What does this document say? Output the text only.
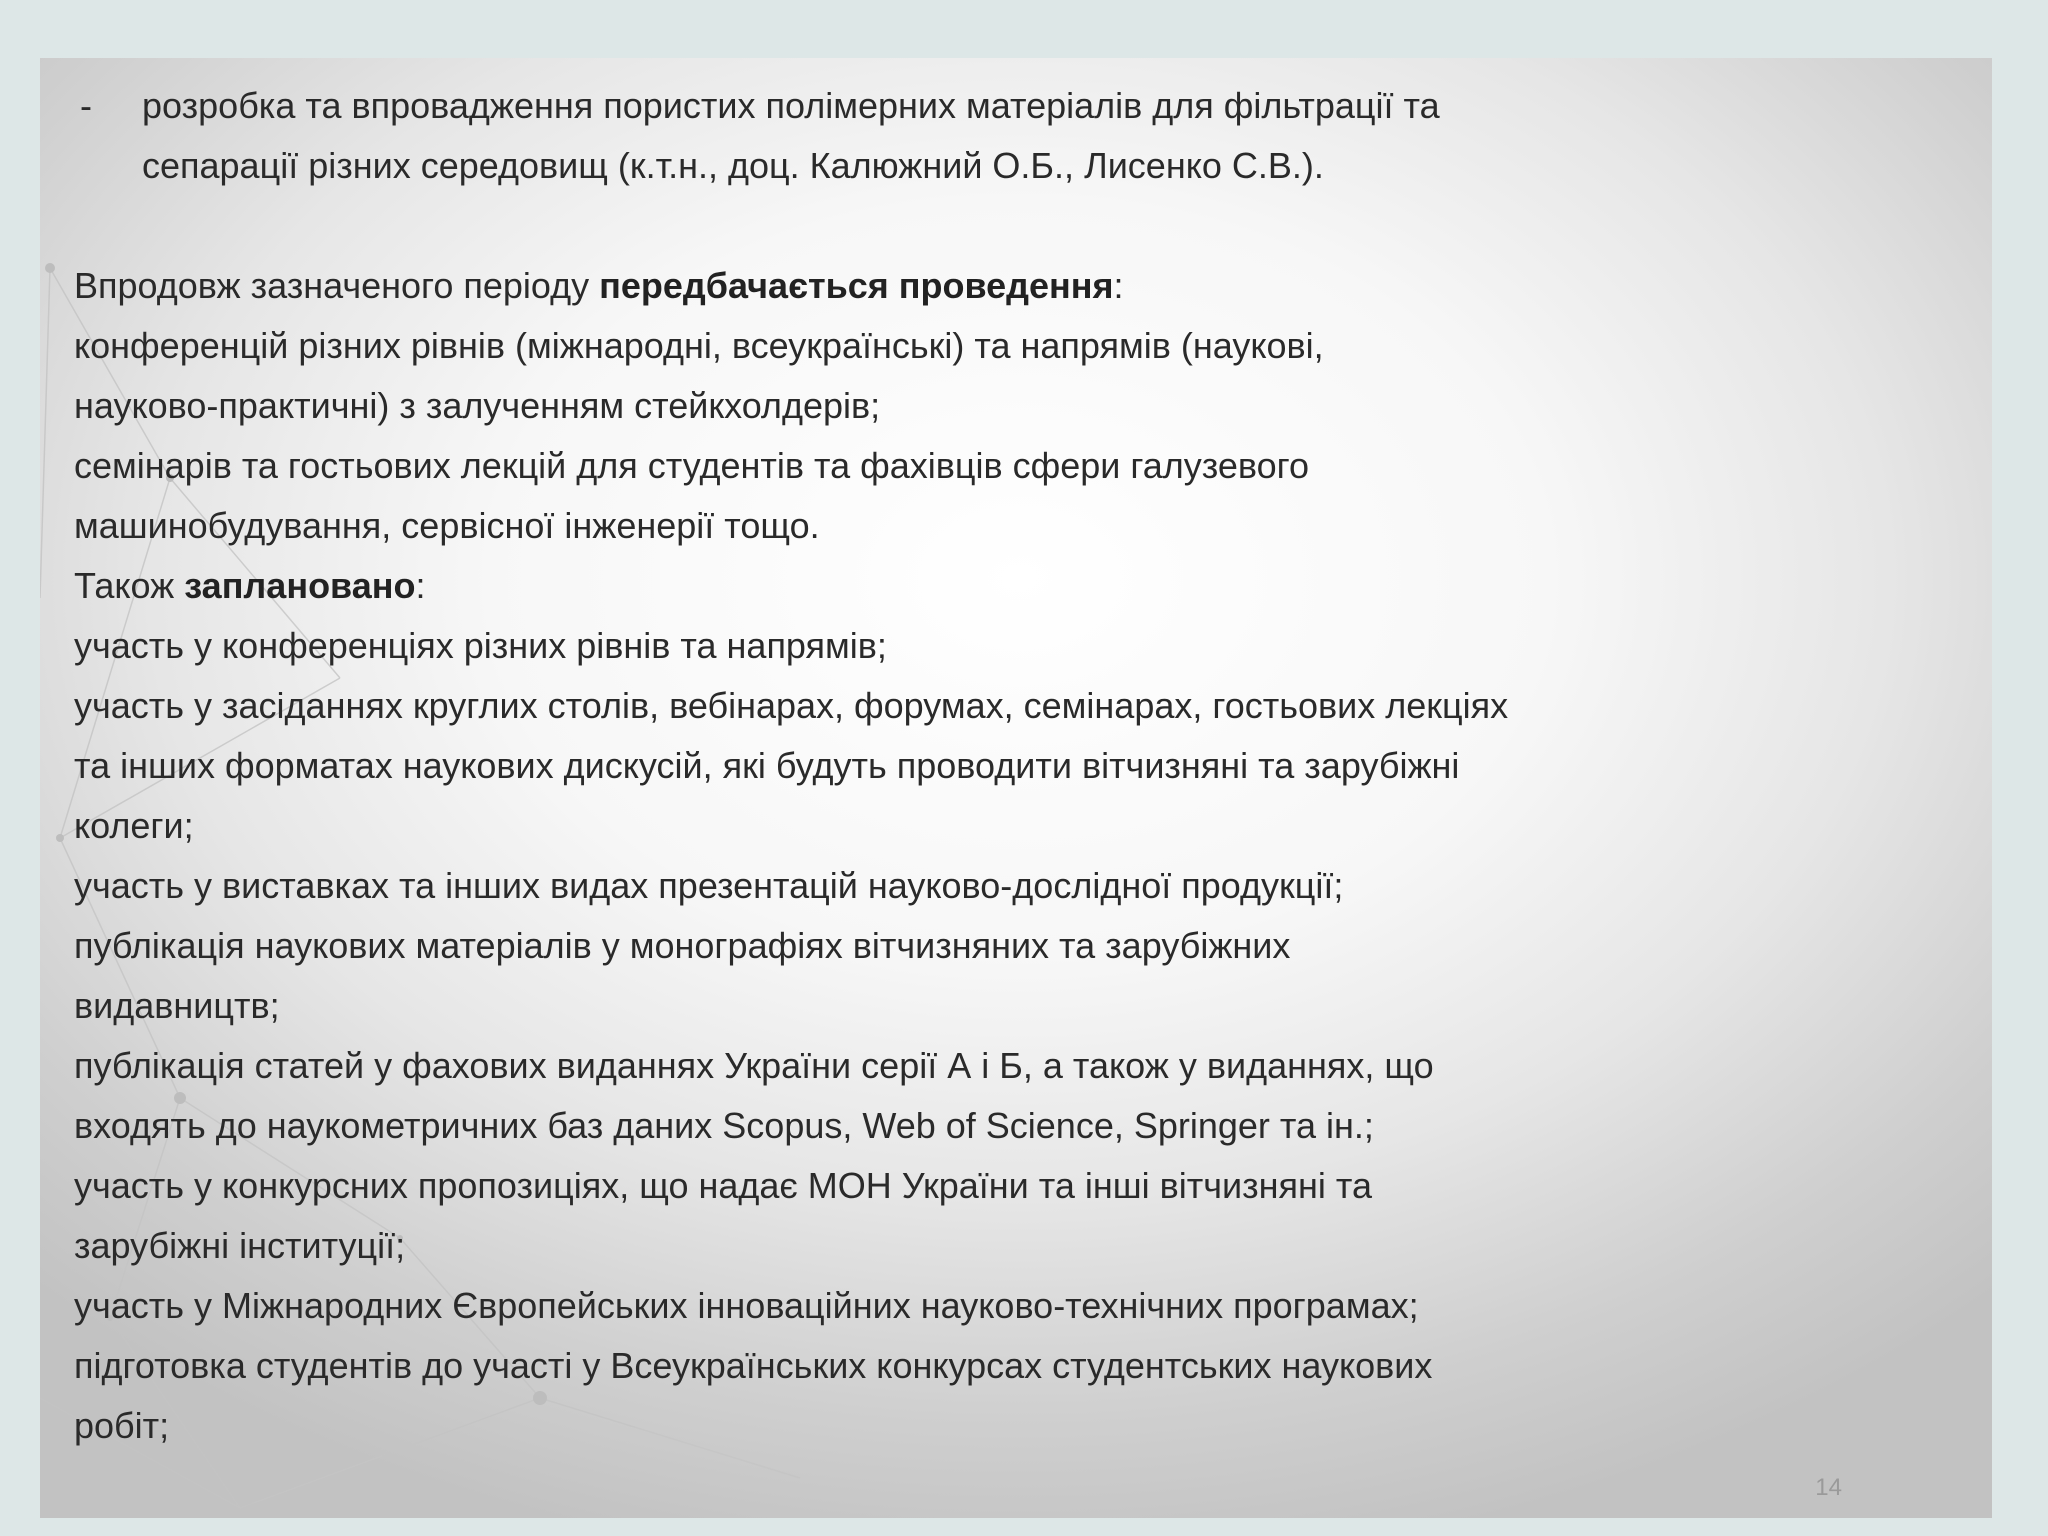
-	розробка та впровадження пористих полімерних матеріалів для фільтрації та

сепарації різних середовищ (к.т.н., доц. Калюжний О.Б., Лисенко С.В.).

Впродовж зазначеного періоду передбачається проведення:

конференцій різних рівнів (міжнародні, всеукраїнські) та напрямів (наукові,

науково-практичні) з залученням стейкхолдерів;

семінарів та гостьових лекцій для студентів та фахівців сфери галузевого

машинобудування, сервісної інженерії тощо.

Також заплановано:

участь у конференціях різних рівнів та напрямів;

участь у засіданнях круглих столів, вебінарах, форумах, семінарах, гостьових лекціях

та інших форматах наукових дискусій, які будуть проводити вітчизняні та зарубіжні

колеги;

участь у виставках та інших видах презентацій науково-дослідної продукції;

публікація наукових матеріалів у монографіях вітчизняних та зарубіжних

видавництв;

публікація статей у фахових виданнях України серії А і Б, а також у виданнях, що

входять до наукометричних баз даних Scopus, Web of Science, Springer та ін.;

участь у конкурсних пропозиціях, що надає МОН України та інші вітчизняні та

зарубіжні інституції;

участь у Міжнародних Європейських інноваційних науково-технічних програмах;

підготовка студентів до участі у Всеукраїнських конкурсах студентських наукових

робіт;

14
